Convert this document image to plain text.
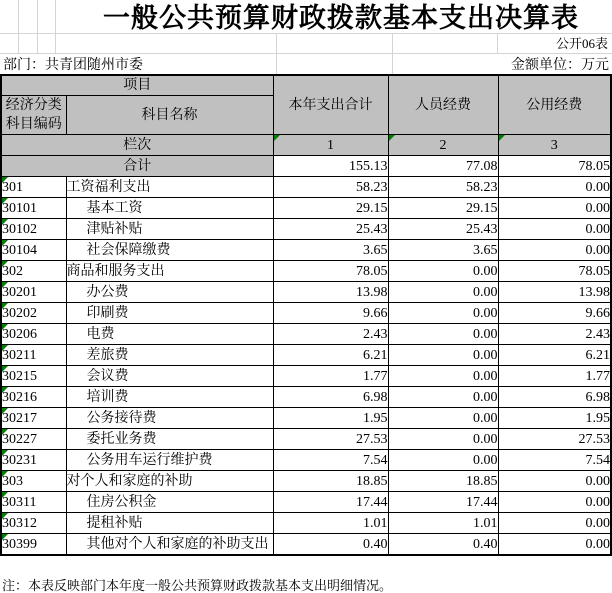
一般公共预算财政拨款基本支出决算表
公开06表
部门：共青团随州市委	金额单位：万元
项目		本年支出合计	人员经费	公用经费
经济分类
科目编码	科目名称			
栏次		1	2	3
合计		155.13	77.08	78.05

301	工资福利支出	58.23	58.23	0.00

30101	基本工资	29.15	29.15	0.00

30102	津贴补贴	25.43	25.43	0.00

30104	社会保障缴费	3.65	3.65	0.00

302	商品和服务支出	78.05	0.00	78.05

30201	办公费	13.98	0.00	13.98

30202	印刷费	9.66	0.00	9.66

30206	电费	2.43	0.00	2.43

30211	差旅费	6.21	0.00	6.21

30215	会议费	1.77	0.00	1.77

30216	培训费	6.98	0.00	6.98

30217	公务接待费	1.95	0.00	1.95

30227	委托业务费	27.53	0.00	27.53

30231	公务用车运行维护费	7.54	0.00	7.54

303	对个人和家庭的补助	18.85	18.85	0.00

30311	住房公积金	17.44	17.44	0.00

30312	提租补贴	1.01	1.01	0.00

30399	其他对个人和家庭的补助支出	0.40	0.40	0.00
注：本表反映部门本年度一般公共预算财政拨款基本支出明细情况。
